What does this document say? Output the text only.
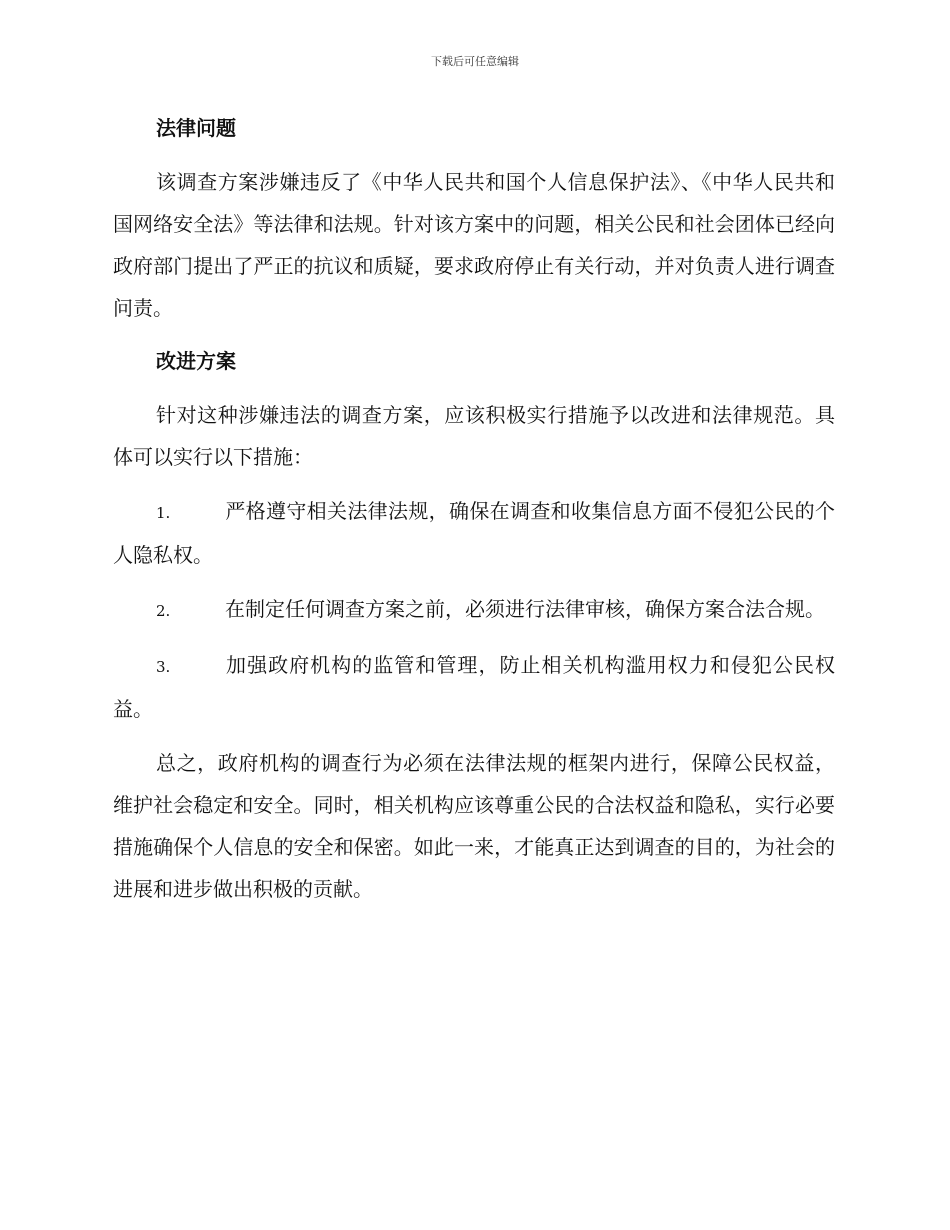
下载后可任意编辑
法律问题

该调查方案涉嫌违反了《中华人民共和国个人信息保护法》、《中华人民共和国网络安全法》等法律和法规。针对该方案中的问题，相关公民和社会团体已经向政府部门提出了严正的抗议和质疑，要求政府停止有关行动，并对负责人进行调查问责。

改进方案

针对这种涉嫌违法的调查方案，应该积极实行措施予以改进和法律规范。具体可以实行以下措施：

1.	严格遵守相关法律法规，确保在调查和收集信息方面不侵犯公民的个人隐私权。

2.	在制定任何调查方案之前，必须进行法律审核，确保方案合法合规。

3.	加强政府机构的监管和管理，防止相关机构滥用权力和侵犯公民权益。

总之，政府机构的调查行为必须在法律法规的框架内进行，保障公民权益，维护社会稳定和安全。同时，相关机构应该尊重公民的合法权益和隐私，实行必要措施确保个人信息的安全和保密。如此一来，才能真正达到调查的目的，为社会的进展和进步做出积极的贡献。
